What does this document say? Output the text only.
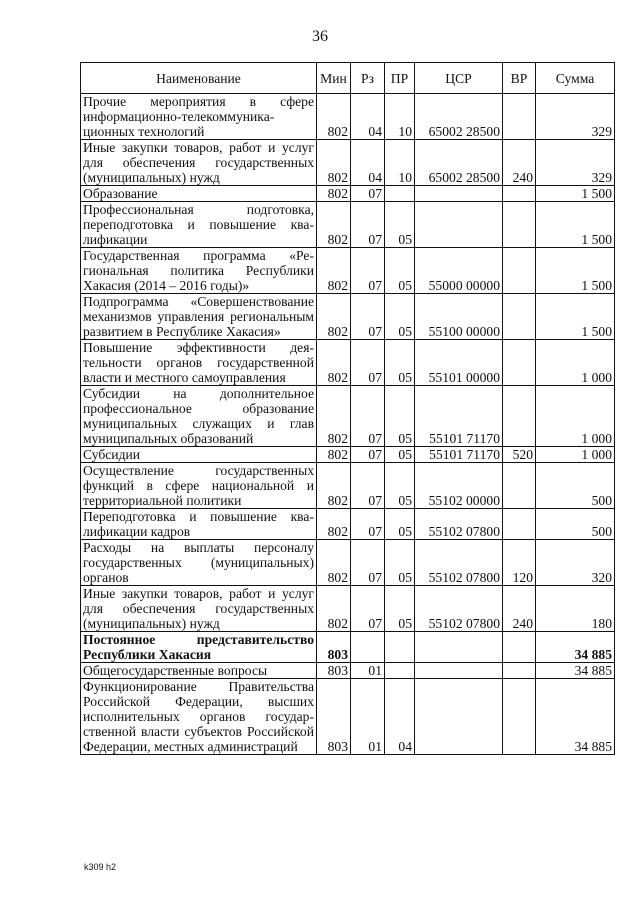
36
Наименование	Мин	Рз	ПР	ЦСР	ВР	Сумма
Прочие мероприятия в сфере информационно-телекоммуникационных технологий	802	04	10	65002 28500		329
Иные закупки товаров, работ и услуг для обеспечения государственных (муниципальных) нужд	802	04	10	65002 28500	240	329
Образование	802	07				1 500
Профессиональная подготовка, переподготовка и повышение квалификации	802	07	05			1 500
Государственная программа «Региональная политика Республики Хакасия (2014 – 2016 годы)»	802	07	05	55000 00000		1 500
Подпрограмма «Совершенствование механизмов управления региональным развитием в Республике Хакасия»	802	07	05	55100 00000		1 500
Повышение эффективности деятельности органов государственной власти и местного самоуправления	802	07	05	55101 00000		1 000
Субсидии на дополнительное профессиональное образование муниципальных служащих и глав муниципальных образований	802	07	05	55101 71170		1 000
Субсидии	802	07	05	55101 71170	520	1 000
Осуществление государственных функций в сфере национальной и территориальной политики	802	07	05	55102 00000		500
Переподготовка и повышение квалификации кадров	802	07	05	55102 07800		500
Расходы на выплаты персоналу государственных (муниципальных) органов	802	07	05	55102 07800	120	320
Иные закупки товаров, работ и услуг для обеспечения государственных (муниципальных) нужд	802	07	05	55102 07800	240	180
Постоянное представительство Республики Хакасия	803					34 885
Общегосударственные вопросы	803	01				34 885
Функционирование Правительства Российской Федерации, высших исполнительных органов государственной власти субъектов Российской Федерации, местных администраций	803	01	04			34 885
k309 h2
